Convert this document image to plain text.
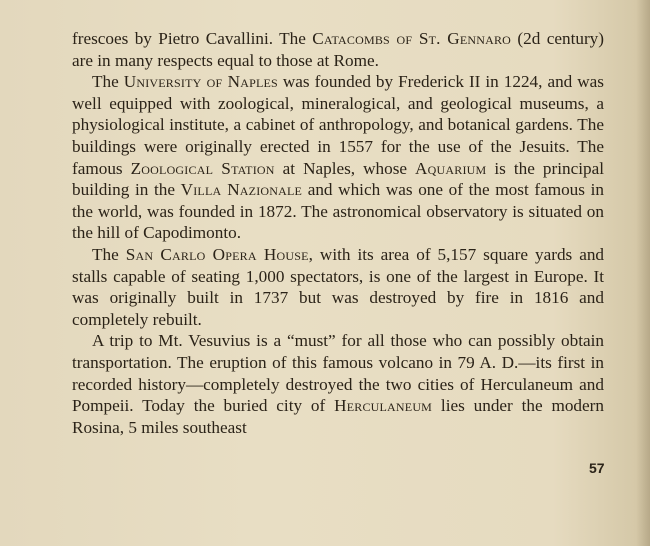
frescoes by Pietro Cavallini. The Catacombs of St. Gennaro (2d century) are in many respects equal to those at Rome.

The University of Naples was founded by Frederick II in 1224, and was well equipped with zoological, mineralogical, and geological museums, a physiological institute, a cabinet of anthropology, and botanical gardens. The buildings were originally erected in 1557 for the use of the Jesuits. The famous Zoological Station at Naples, whose Aquarium is the principal building in the Villa Nazionale and which was one of the most famous in the world, was founded in 1872. The astronomical observatory is situated on the hill of Capodimonto.

The San Carlo Opera House, with its area of 5,157 square yards and stalls capable of seating 1,000 spectators, is one of the largest in Europe. It was originally built in 1737 but was destroyed by fire in 1816 and completely rebuilt.

A trip to Mt. Vesuvius is a “must” for all those who can possibly obtain transportation. The eruption of this famous volcano in 79 A. D.—its first in recorded history—completely destroyed the two cities of Herculaneum and Pompeii. Today the buried city of Herculaneum lies under the modern Rosina, 5 miles southeast

57
